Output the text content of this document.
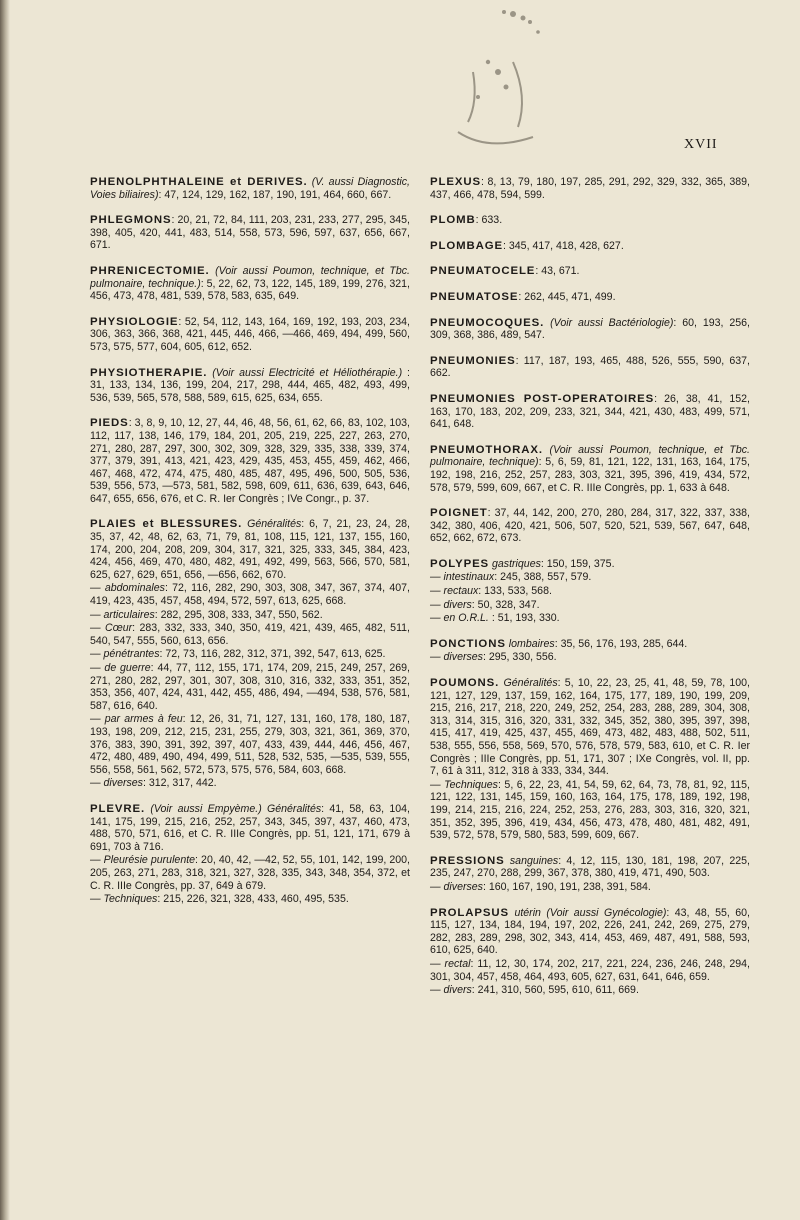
XVII
PHENOLPHTHALEINE et DERIVES. (V. aussi Diagnostic, Voies biliaires): 47, 124, 129, 162, 187, 190, 191, 464, 660, 667.
PHLEGMONS: 20, 21, 72, 84, 111, 203, 231, 233, 277, 295, 345, 398, 405, 420, 441, 483, 514, 558, 573, 596, 597, 637, 656, 667, 671.
PHRENICECTOMIE. (Voir aussi Poumon, technique, et Tbc. pulmonaire, technique.): 5, 22, 62, 73, 122, 145, 189, 199, 276, 321, 456, 473, 478, 481, 539, 578, 583, 635, 649.
PHYSIOLOGIE: 52, 54, 112, 143, 164, 169, 192, 193, 203, 234, 306, 363, 366, 368, 421, 445, 446, 466, —466, 469, 494, 499, 560, 573, 575, 577, 604, 605, 612, 652.
PHYSIOTHERAPIE. (Voir aussi Electricité et Héliothérapie.) : 31, 133, 134, 136, 199, 204, 217, 298, 444, 465, 482, 493, 499, 536, 539, 565, 578, 588, 589, 615, 625, 634, 655.
PIEDS: 3, 8, 9, 10, 12, 27, 44, 46, 48, 56, 61, 62, 66, 83, 102, 103, 112, 117, 138, 146, 179, 184, 201, 205, 219, 225, 227, 263, 270, 271, 280, 287, 297, 300, 302, 309, 328, 329, 335, 338, 339, 374, 377, 379, 391, 413, 421, 423, 429, 435, 453, 455, 459, 462, 466, 467, 468, 472, 474, 475, 480, 485, 487, 495, 496, 500, 505, 536, 539, 556, 573, —573, 581, 582, 598, 609, 611, 636, 639, 643, 646, 647, 655, 656, 676, et C. R. Ier Congrès ; IVe Congr., p. 37.
PLAIES et BLESSURES. Généralités: 6, 7, 21, 23, 24, 28, 35, 37, 42, 48, 62, 63, 71, 79, 81, 108, 115, 121, 137, 155, 160, 174, 200, 204, 208, 209, 304, 317, 321, 325, 333, 345, 384, 423, 424, 456, 469, 470, 480, 482, 491, 492, 499, 563, 566, 570, 581, 625, 627, 629, 651, 656, —656, 662, 670.
— abdominales: 72, 116, 282, 290, 303, 308, 347, 367, 374, 407, 419, 423, 435, 457, 458, 494, 572, 597, 613, 625, 668.
— articulaires: 282, 295, 308, 333, 347, 550, 562.
— Cœur: 283, 332, 333, 340, 350, 419, 421, 439, 465, 482, 511, 540, 547, 555, 560, 613, 656.
— pénétrantes: 72, 73, 116, 282, 312, 371, 392, 547, 613, 625.
— de guerre: 44, 77, 112, 155, 171, 174, 209, 215, 249, 257, 269, 271, 280, 282, 297, 301, 307, 308, 310, 316, 332, 333, 351, 352, 353, 356, 407, 424, 431, 442, 455, 486, 494, —494, 538, 576, 581, 587, 616, 640.
— par armes à feu: 12, 26, 31, 71, 127, 131, 160, 178, 180, 187, 193, 198, 209, 212, 215, 231, 255, 279, 303, 321, 361, 369, 370, 376, 383, 390, 391, 392, 397, 407, 433, 439, 444, 446, 456, 467, 472, 480, 489, 490, 494, 499, 511, 528, 532, 535, —535, 539, 555, 556, 558, 561, 562, 572, 573, 575, 576, 584, 603, 668.
— diverses: 312, 317, 442.
PLEVRE. (Voir aussi Empyème.) Généralités: 41, 58, 63, 104, 141, 175, 199, 215, 216, 252, 257, 343, 345, 397, 437, 460, 473, 488, 570, 571, 616, et C. R. IIIe Congrès, pp. 51, 121, 171, 679 à 691, 703 à 716.
— Pleurésie purulente: 20, 40, 42, —42, 52, 55, 101, 142, 199, 200, 205, 263, 271, 283, 318, 321, 327, 328, 335, 343, 348, 354, 372, et C. R. IIIe Congrès, pp. 37, 649 à 679.
— Techniques: 215, 226, 321, 328, 433, 460, 495, 535.
PLEXUS: 8, 13, 79, 180, 197, 285, 291, 292, 329, 332, 365, 389, 437, 466, 478, 594, 599.
PLOMB: 633.
PLOMBAGE: 345, 417, 418, 428, 627.
PNEUMATOCELE: 43, 671.
PNEUMATOSE: 262, 445, 471, 499.
PNEUMOCOQUES. (Voir aussi Bactériologie): 60, 193, 256, 309, 368, 386, 489, 547.
PNEUMONIES: 117, 187, 193, 465, 488, 526, 555, 590, 637, 662.
PNEUMONIES POST-OPERATOIRES: 26, 38, 41, 152, 163, 170, 183, 202, 209, 233, 321, 344, 421, 430, 483, 499, 571, 641, 648.
PNEUMOTHORAX. (Voir aussi Poumon, technique, et Tbc. pulmonaire, technique): 5, 6, 59, 81, 121, 122, 131, 163, 164, 175, 192, 198, 216, 252, 257, 283, 303, 321, 395, 396, 419, 434, 572, 578, 579, 599, 609, 667, et C. R. IIIe Congrès, pp. 1, 633 à 648.
POIGNET: 37, 44, 142, 200, 270, 280, 284, 317, 322, 337, 338, 342, 380, 406, 420, 421, 506, 507, 520, 521, 539, 567, 647, 648, 652, 662, 672, 673.
POLYPES gastriques: 150, 159, 375.
— intestinaux: 245, 388, 557, 579.
— rectaux: 133, 533, 568.
— divers: 50, 328, 347.
— en O.R.L. : 51, 193, 330.
PONCTIONS lombaires: 35, 56, 176, 193, 285, 644.
— diverses: 295, 330, 556.
POUMONS. Généralités: 5, 10, 22, 23, 25, 41, 48, 59, 78, 100, 121, 127, 129, 137, 159, 162, 164, 175, 177, 189, 190, 199, 209, 215, 216, 217, 218, 220, 249, 252, 254, 283, 288, 289, 304, 308, 313, 314, 315, 316, 320, 331, 332, 345, 352, 380, 395, 397, 398, 415, 417, 419, 425, 437, 455, 469, 473, 482, 483, 488, 502, 511, 538, 555, 556, 558, 569, 570, 576, 578, 579, 583, 610, et C. R. Ier Congrès ; IIIe Congrès, pp. 51, 171, 307 ; IXe Congrès, vol. II, pp. 7, 61 à 311, 312, 318 à 333, 334, 344.
— Techniques: 5, 6, 22, 23, 41, 54, 59, 62, 64, 73, 78, 81, 92, 115, 121, 122, 131, 145, 159, 160, 163, 164, 175, 178, 189, 192, 198, 199, 214, 215, 216, 224, 252, 253, 276, 283, 303, 316, 320, 321, 351, 352, 395, 396, 419, 434, 456, 473, 478, 480, 481, 482, 491, 539, 572, 578, 579, 580, 583, 599, 609, 667.
PRESSIONS sanguines: 4, 12, 115, 130, 181, 198, 207, 225, 235, 247, 270, 288, 299, 367, 378, 380, 419, 471, 490, 503.
— diverses: 160, 167, 190, 191, 238, 391, 584.
PROLAPSUS utérin (Voir aussi Gynécologie): 43, 48, 55, 60, 115, 127, 134, 184, 194, 197, 202, 226, 241, 242, 269, 275, 279, 282, 283, 289, 298, 302, 343, 414, 453, 469, 487, 491, 588, 593, 610, 625, 640.
— rectal: 11, 12, 30, 174, 202, 217, 221, 224, 236, 246, 248, 294, 301, 304, 457, 458, 464, 493, 605, 627, 631, 641, 646, 659.
— divers: 241, 310, 560, 595, 610, 611, 669.
